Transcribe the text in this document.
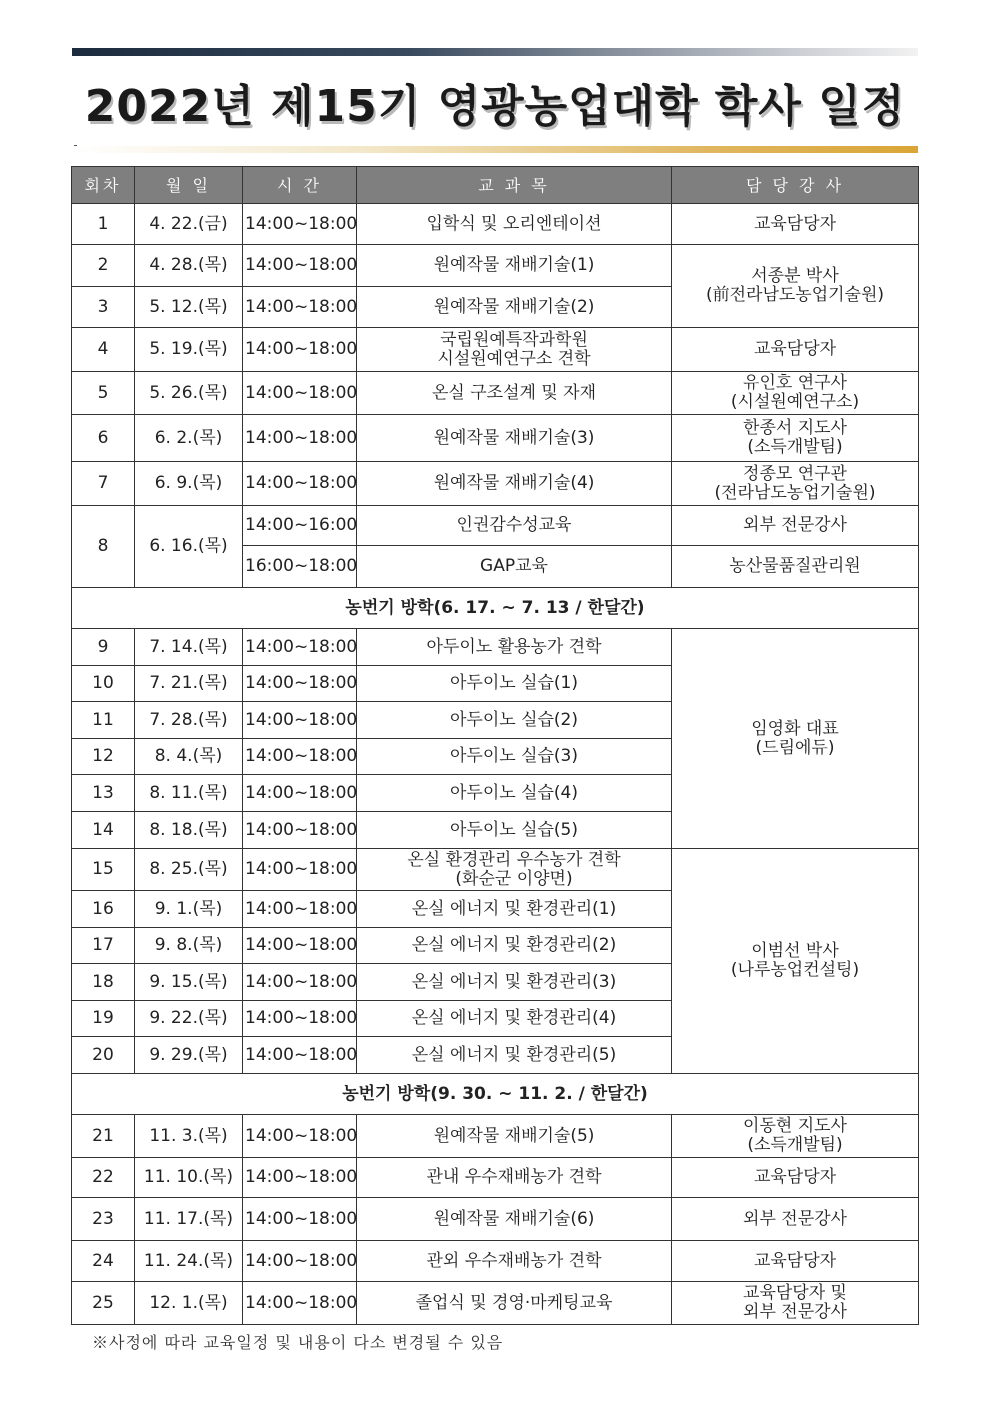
2022년 제15기 영광농업대학 학사 일정
회차	월 일	시 간	교 과 목	담 당 강 사
1	4. 22.(금)	14:00~18:00	입학식 및 오리엔테이션	교육담당자
2	4. 28.(목)	14:00~18:00	원예작물 재배기술(1)	서종분 박사
(前전라남도농업기술원)
3	5. 12.(목)	14:00~18:00	원예작물 재배기술(2)	
4	5. 19.(목)	14:00~18:00	국립원예특작과학원
시설원예연구소 견학	교육담당자
5	5. 26.(목)	14:00~18:00	온실 구조설계 및 자재	유인호 연구사
(시설원예연구소)
6	6. 2.(목)	14:00~18:00	원예작물 재배기술(3)	한종서 지도사
(소득개발팀)
7	6. 9.(목)	14:00~18:00	원예작물 재배기술(4)	정종모 연구관
(전라남도농업기술원)
8	6. 16.(목)	14:00~16:00	인권감수성교육	외부 전문강사
		16:00~18:00	GAP교육	농산물품질관리원
농번기 방학(6. 17. ~ 7. 13 / 한달간)				
9	7. 14.(목)	14:00~18:00	아두이노 활용농가 견학	임영화 대표
(드림에듀)
10	7. 21.(목)	14:00~18:00	아두이노 실습(1)	
11	7. 28.(목)	14:00~18:00	아두이노 실습(2)	
12	8. 4.(목)	14:00~18:00	아두이노 실습(3)	
13	8. 11.(목)	14:00~18:00	아두이노 실습(4)	
14	8. 18.(목)	14:00~18:00	아두이노 실습(5)	
15	8. 25.(목)	14:00~18:00	온실 환경관리 우수농가 견학
(화순군 이양면)	이범선 박사
(나루농업컨설팅)
16	9. 1.(목)	14:00~18:00	온실 에너지 및 환경관리(1)	
17	9. 8.(목)	14:00~18:00	온실 에너지 및 환경관리(2)	
18	9. 15.(목)	14:00~18:00	온실 에너지 및 환경관리(3)	
19	9. 22.(목)	14:00~18:00	온실 에너지 및 환경관리(4)	
20	9. 29.(목)	14:00~18:00	온실 에너지 및 환경관리(5)	
농번기 방학(9. 30. ~ 11. 2. / 한달간)				
21	11. 3.(목)	14:00~18:00	원예작물 재배기술(5)	이동현 지도사
(소득개발팀)
22	11. 10.(목)	14:00~18:00	관내 우수재배농가 견학	교육담당자
23	11. 17.(목)	14:00~18:00	원예작물 재배기술(6)	외부 전문강사
24	11. 24.(목)	14:00~18:00	관외 우수재배농가 견학	교육담당자
25	12. 1.(목)	14:00~18:00	졸업식 및 경영·마케팅교육	교육담당자 및
외부 전문강사
※사정에 따라 교육일정 및 내용이 다소 변경될 수 있음
